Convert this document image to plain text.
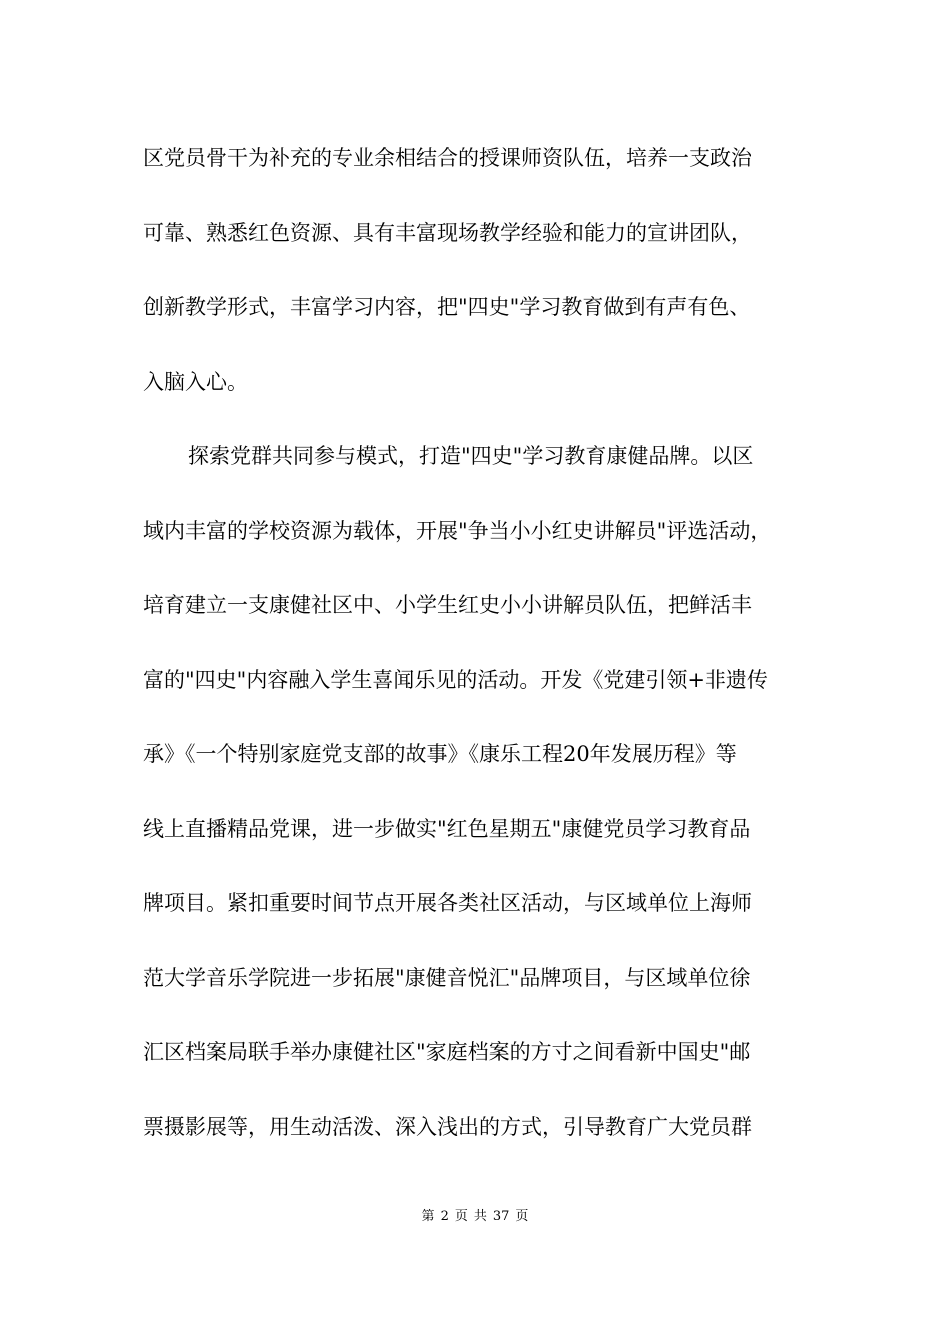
区党员骨干为补充的专业余相结合的授课师资队伍，培养一支政治
可靠、熟悉红色资源、具有丰富现场教学经验和能力的宣讲团队，
创新教学形式，丰富学习内容，把"四史"学习教育做到有声有色、
入脑入心。
探索党群共同参与模式，打造"四史"学习教育康健品牌。以区
域内丰富的学校资源为载体，开展"争当小小红史讲解员"评选活动，
培育建立一支康健社区中、小学生红史小小讲解员队伍，把鲜活丰
富的"四史"内容融入学生喜闻乐见的活动。开发《党建引领+非遗传
承》《一个特别家庭党支部的故事》《康乐工程20年发展历程》等
线上直播精品党课，进一步做实"红色星期五"康健党员学习教育品
牌项目。紧扣重要时间节点开展各类社区活动，与区域单位上海师
范大学音乐学院进一步拓展"康健音悦汇"品牌项目，与区域单位徐
汇区档案局联手举办康健社区"家庭档案的方寸之间看新中国史"邮
票摄影展等，用生动活泼、深入浅出的方式，引导教育广大党员群
第 2 页 共 37 页
